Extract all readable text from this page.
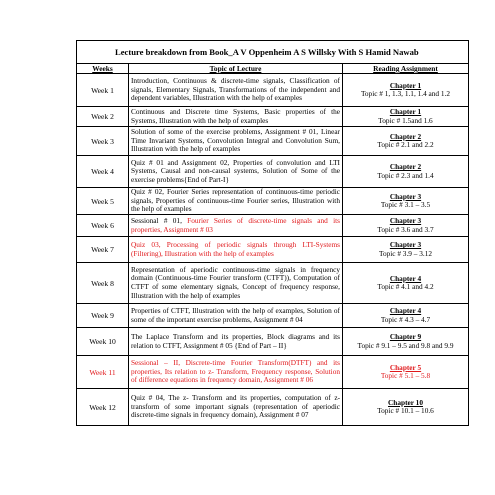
Lecture breakdown from Book_A V Oppenheim A S Willsky With S Hamid Nawab		
Weeks	Topic of Lecture	Reading Assignment
Week 1	Introduction, Continuous & discrete-time signals, Classification of signals, Elementary Signals, Transformations of the independent and dependent variables, Illustration with the help of examples	Chapter 1
Topic # 1, 1.3, 1.1, 1.4 and 1.2
Week 2	Continuous and Discrete time Systems, Basic properties of the Systems, Illustration with the help of examples	Chapter 1
Topic # 1.5and 1.6
Week 3	Solution of some of the exercise problems, Assignment # 01, Linear Time Invariant Systems, Convolution Integral and Convolution Sum, Illustration with the help of examples	Chapter 2
Topic # 2.1 and 2.2
Week 4	Quiz # 01 and Assignment 02, Properties of convolution and LTI Systems, Causal and non-causal systems, Solution of Some of the exercise problems{End of Part-I}	Chapter 2
Topic # 2.3 and 1.4
Week 5	Quiz # 02, Fourier Series representation of continuous-time periodic signals, Properties of continuous-time Fourier series, Illustration with the help of examples	Chapter 3
Topic # 3.1 – 3.5
Week 6	Sessional # 01, Fourier Series of discrete-time signals and its properties, Assignment # 03	Chapter 3
Topic # 3.6 and 3.7
Week 7	Quiz 03, Processing of periodic signals through LTI-Systems (Filtering), Illustration with the help of examples	Chapter 3
Topic # 3.9 – 3.12
Week 8	Representation of aperiodic continuous-time signals in frequency domain (Continuous-time Fourier transform (CTFT)), Computation of CTFT of some elementary signals, Concept of frequency response, Illustration with the help of examples	Chapter 4
Topic # 4.1 and 4.2
Week 9	Properties of CTFT, Illustration with the help of examples, Solution of some of the important exercise problems, Assignment # 04	Chapter 4
Topic # 4.3 – 4.7
Week 10	The Laplace Transform and its properties, Block diagrams and its relation to CTFT, Assignment # 05 {End of Part – II}	Chapter 9
Topic # 9.1 – 9.5 and 9.8 and 9.9
Week 11	Sessional – II, Discrete-time Fourier Transform(DTFT) and its properties, Its relation to z- Transform, Frequency response, Solution of difference equations in frequency domain, Assignment # 06	Chapter 5
Topic # 5.1 – 5.8
Week 12	Quiz # 04, The z- Transform and its properties, computation of z-transform of some important signals (representation of aperiodic discrete-time signals in frequency domain), Assignment # 07	Chapter 10
Topic # 10.1 – 10.6
